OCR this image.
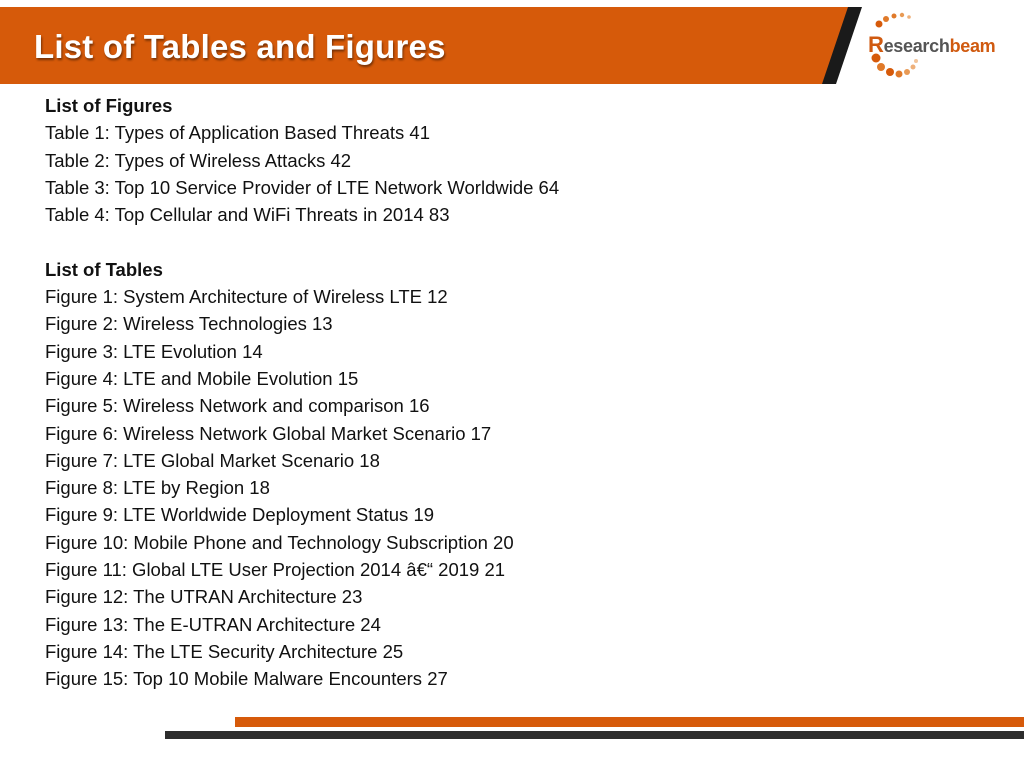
List of Tables and Figures	Researchbeam
List of Figures
Table 1: Types of Application Based Threats 41
Table 2: Types of Wireless Attacks 42
Table 3: Top 10 Service Provider of LTE Network Worldwide 64
Table 4: Top Cellular and WiFi Threats in 2014 83
List of Tables
Figure 1: System Architecture of Wireless LTE 12
Figure 2: Wireless Technologies 13
Figure 3: LTE Evolution 14
Figure 4: LTE and Mobile Evolution 15
Figure 5: Wireless Network and comparison 16
Figure 6: Wireless Network Global Market Scenario 17
Figure 7: LTE Global Market Scenario 18
Figure 8: LTE by Region 18
Figure 9: LTE Worldwide Deployment Status 19
Figure 10: Mobile Phone and Technology Subscription 20
Figure 11: Global LTE User Projection 2014 â€“ 2019 21
Figure 12: The UTRAN Architecture 23
Figure 13: The E-UTRAN Architecture 24
Figure 14: The LTE Security Architecture 25
Figure 15: Top 10 Mobile Malware Encounters 27
